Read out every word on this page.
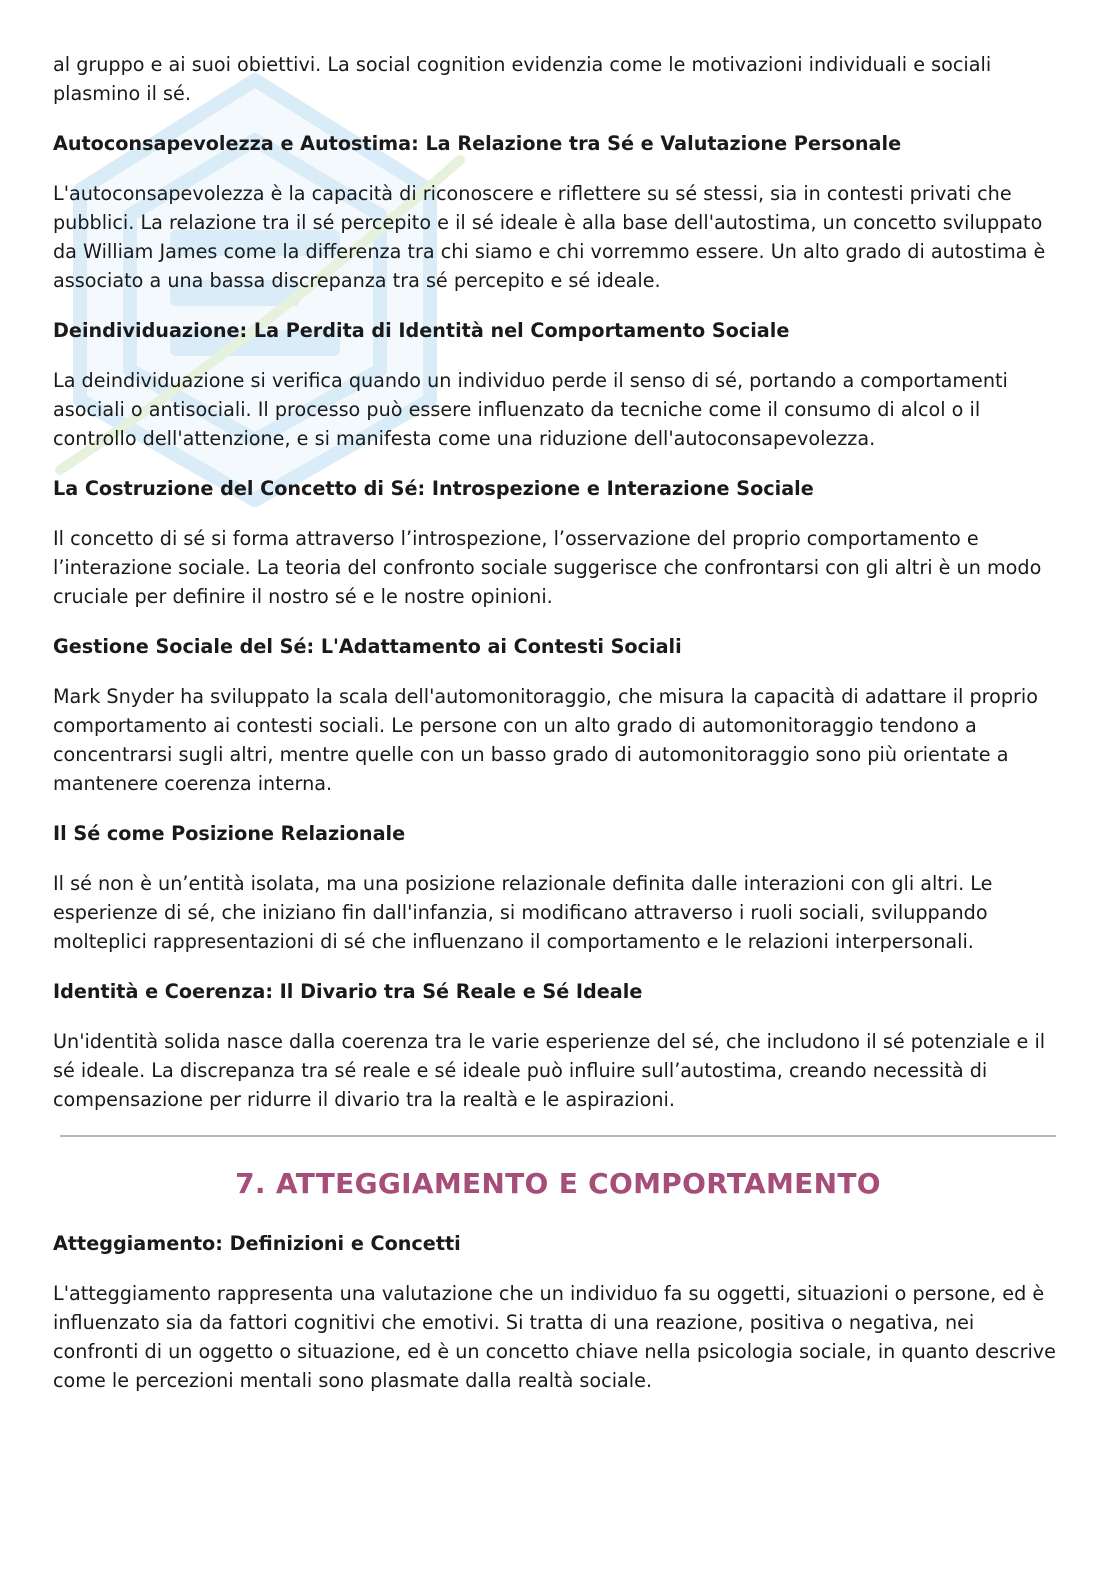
al gruppo e ai suoi obiettivi. La social cognition evidenzia come le motivazioni individuali e sociali plasmino il sé.

Autoconsapevolezza e Autostima: La Relazione tra Sé e Valutazione Personale

L'autoconsapevolezza è la capacità di riconoscere e riflettere su sé stessi, sia in contesti privati che pubblici. La relazione tra il sé percepito e il sé ideale è alla base dell'autostima, un concetto sviluppato da William James come la differenza tra chi siamo e chi vorremmo essere. Un alto grado di autostima è associato a una bassa discrepanza tra sé percepito e sé ideale.

Deindividuazione: La Perdita di Identità nel Comportamento Sociale

La deindividuazione si verifica quando un individuo perde il senso di sé, portando a comportamenti asociali o antisociali. Il processo può essere influenzato da tecniche come il consumo di alcol o il controllo dell'attenzione, e si manifesta come una riduzione dell'autoconsapevolezza.

La Costruzione del Concetto di Sé: Introspezione e Interazione Sociale

Il concetto di sé si forma attraverso l’introspezione, l’osservazione del proprio comportamento e l’interazione sociale. La teoria del confronto sociale suggerisce che confrontarsi con gli altri è un modo cruciale per definire il nostro sé e le nostre opinioni.

Gestione Sociale del Sé: L'Adattamento ai Contesti Sociali

Mark Snyder ha sviluppato la scala dell'automonitoraggio, che misura la capacità di adattare il proprio comportamento ai contesti sociali. Le persone con un alto grado di automonitoraggio tendono a concentrarsi sugli altri, mentre quelle con un basso grado di automonitoraggio sono più orientate a mantenere coerenza interna.

Il Sé come Posizione Relazionale

Il sé non è un’entità isolata, ma una posizione relazionale definita dalle interazioni con gli altri. Le esperienze di sé, che iniziano fin dall'infanzia, si modificano attraverso i ruoli sociali, sviluppando molteplici rappresentazioni di sé che influenzano il comportamento e le relazioni interpersonali.

Identità e Coerenza: Il Divario tra Sé Reale e Sé Ideale

Un'identità solida nasce dalla coerenza tra le varie esperienze del sé, che includono il sé potenziale e il sé ideale. La discrepanza tra sé reale e sé ideale può influire sull’autostima, creando necessità di compensazione per ridurre il divario tra la realtà e le aspirazioni.

7. ATTEGGIAMENTO E COMPORTAMENTO
Atteggiamento: Definizioni e Concetti

L'atteggiamento rappresenta una valutazione che un individuo fa su oggetti, situazioni o persone, ed è influenzato sia da fattori cognitivi che emotivi. Si tratta di una reazione, positiva o negativa, nei confronti di un oggetto o situazione, ed è un concetto chiave nella psicologia sociale, in quanto descrive come le percezioni mentali sono plasmate dalla realtà sociale.
